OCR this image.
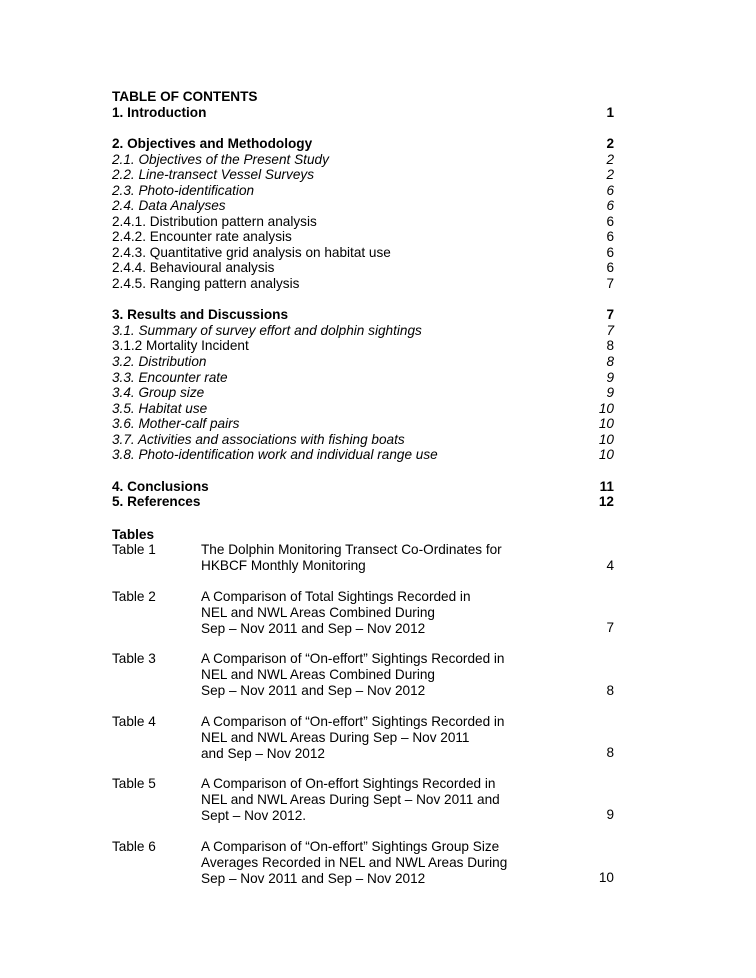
TABLE OF CONTENTS
1. Introduction	1
2. Objectives and Methodology	2
2.1. Objectives of the Present Study	2
2.2. Line-transect Vessel Surveys	2
2.3. Photo-identification	6
2.4. Data Analyses	6
2.4.1. Distribution pattern analysis	6
2.4.2. Encounter rate analysis	6
2.4.3. Quantitative grid analysis on habitat use	6
2.4.4. Behavioural analysis	6
2.4.5. Ranging pattern analysis	7
3. Results and Discussions	7
3.1. Summary of survey effort and dolphin sightings	7
3.1.2 Mortality Incident	8
3.2. Distribution	8
3.3. Encounter rate	9
3.4. Group size	9
3.5. Habitat use	10
3.6. Mother-calf pairs	10
3.7. Activities and associations with fishing boats	10
3.8. Photo-identification work and individual range use	10
4. Conclusions	11
5. References	12
Tables
Table 1	The Dolphin Monitoring Transect Co-Ordinates for
HKBCF Monthly Monitoring	4
Table 2	A Comparison of Total Sightings Recorded in
NEL and NWL Areas Combined During
Sep – Nov 2011 and Sep – Nov 2012	7
Table 3	A Comparison of “On-effort” Sightings Recorded in
NEL and NWL Areas Combined During
Sep – Nov 2011 and Sep – Nov 2012	8
Table 4	A Comparison of “On-effort” Sightings Recorded in
NEL and NWL Areas During Sep – Nov 2011
and Sep – Nov 2012	8
Table 5	A Comparison of On-effort Sightings Recorded in
NEL and NWL Areas During Sept – Nov 2011 and
Sept – Nov 2012.	9
Table 6	A Comparison of “On-effort” Sightings Group Size
Averages Recorded in NEL and NWL Areas During
Sep – Nov 2011 and Sep – Nov 2012	10
